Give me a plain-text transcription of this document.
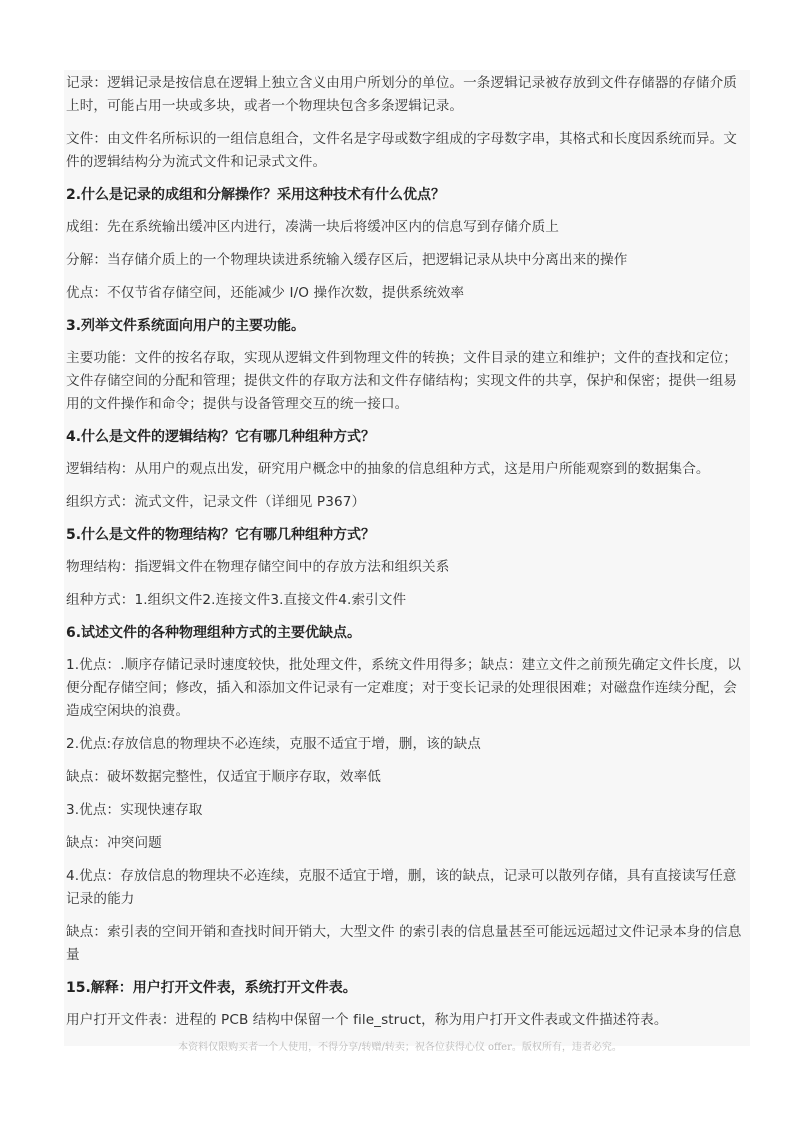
记录：逻辑记录是按信息在逻辑上独立含义由用户所划分的单位。一条逻辑记录被存放到文件存储器的存储介质上时，可能占用一块或多块，或者一个物理块包含多条逻辑记录。
文件：由文件名所标识的一组信息组合，文件名是字母或数字组成的字母数字串，其格式和长度因系统而异。文件的逻辑结构分为流式文件和记录式文件。
2.什么是记录的成组和分解操作？采用这种技术有什么优点？
成组：先在系统输出缓冲区内进行，凑满一块后将缓冲区内的信息写到存储介质上
分解：当存储介质上的一个物理块读进系统输入缓存区后，把逻辑记录从块中分离出来的操作
优点：不仅节省存储空间，还能减少 I/O 操作次数，提供系统效率
3.列举文件系统面向用户的主要功能。
主要功能：文件的按名存取，实现从逻辑文件到物理文件的转换；文件目录的建立和维护；文件的查找和定位；文件存储空间的分配和管理；提供文件的存取方法和文件存储结构；实现文件的共享，保护和保密；提供一组易用的文件操作和命令；提供与设备管理交互的统一接口。
4.什么是文件的逻辑结构？它有哪几种组种方式？
逻辑结构：从用户的观点出发，研究用户概念中的抽象的信息组种方式，这是用户所能观察到的数据集合。
组织方式：流式文件，记录文件（详细见 P367）
5.什么是文件的物理结构？它有哪几种组种方式？
物理结构：指逻辑文件在物理存储空间中的存放方法和组织关系
组种方式：1.组织文件2.连接文件3.直接文件4.索引文件
6.试述文件的各种物理组种方式的主要优缺点。
1.优点：.顺序存储记录时速度较快，批处理文件，系统文件用得多；缺点：建立文件之前预先确定文件长度，以便分配存储空间；修改，插入和添加文件记录有一定难度；对于变长记录的处理很困难；对磁盘作连续分配，会造成空闲块的浪费。
2.优点:存放信息的物理块不必连续，克服不适宜于增，删，该的缺点
缺点：破坏数据完整性，仅适宜于顺序存取，效率低
3.优点：实现快速存取
缺点：冲突问题
4.优点：存放信息的物理块不必连续，克服不适宜于增，删，该的缺点，记录可以散列存储，具有直接读写任意记录的能力
缺点：索引表的空间开销和查找时间开销大，大型文件 的索引表的信息量甚至可能远远超过文件记录本身的信息量
15.解释：用户打开文件表，系统打开文件表。
用户打开文件表：进程的 PCB 结构中保留一个 file_struct，称为用户打开文件表或文件描述符表。
本资料仅限购买者一个人使用，不得分享/转赠/转卖；祝各位获得心仪 offer。版权所有，违者必究。
